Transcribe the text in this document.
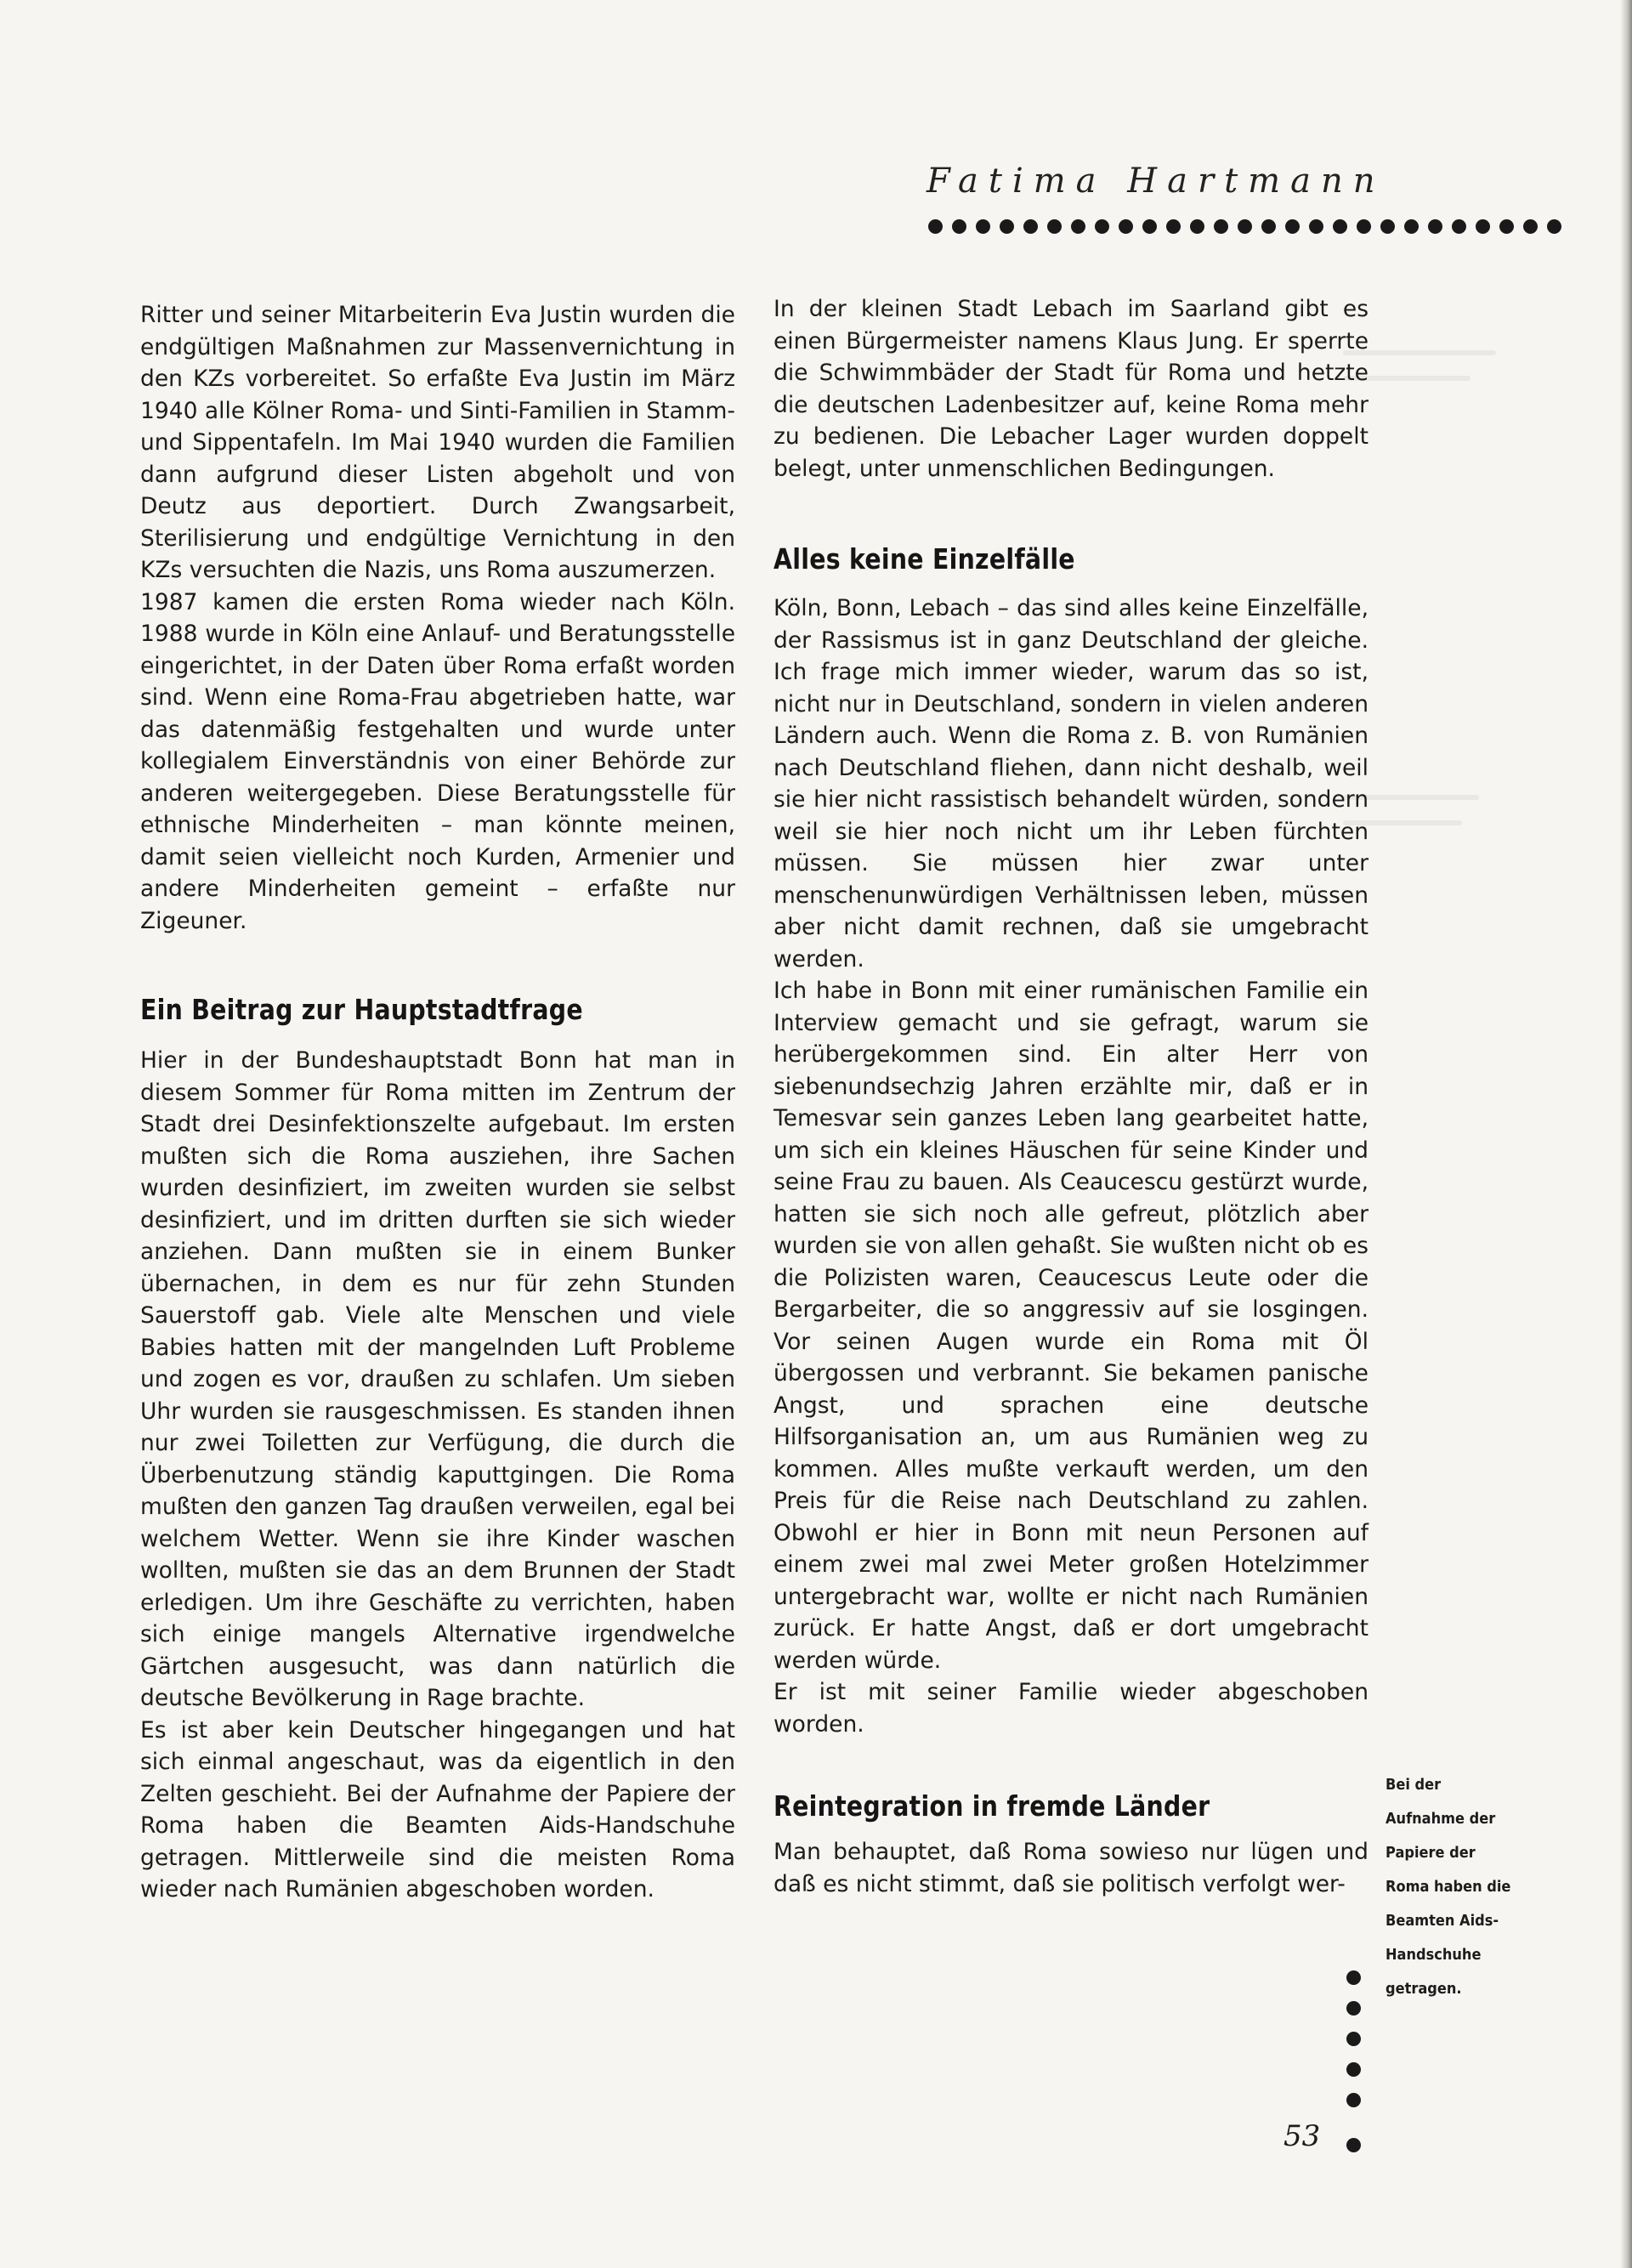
Fatima Hartmann

Ritter und seiner Mitarbeiterin Eva Justin wurden die endgültigen Maßnahmen zur Massenvernichtung in den KZs vorbereitet. So erfaßte Eva Justin im März 1940 alle Kölner Roma- und Sinti-Familien in Stamm- und Sippentafeln. Im Mai 1940 wurden die Familien dann aufgrund dieser Listen abgeholt und von Deutz aus deportiert. Durch Zwangsarbeit, Sterilisierung und endgültige Vernichtung in den KZs versuchten die Nazis, uns Roma auszumerzen.

1987 kamen die ersten Roma wieder nach Köln. 1988 wurde in Köln eine Anlauf- und Beratungsstelle eingerichtet, in der Daten über Roma erfaßt worden sind. Wenn eine Roma-Frau abgetrieben hatte, war das datenmäßig festgehalten und wurde unter kollegialem Einverständnis von einer Behörde zur anderen weitergegeben. Diese Beratungsstelle für ethnische Minderheiten – man könnte meinen, damit seien vielleicht noch Kurden, Armenier und andere Minderheiten gemeint – erfaßte nur Zigeuner.

Ein Beitrag zur Hauptstadtfrage

Hier in der Bundeshauptstadt Bonn hat man in diesem Sommer für Roma mitten im Zentrum der Stadt drei Desinfektionszelte aufgebaut. Im ersten mußten sich die Roma ausziehen, ihre Sachen wurden desinfiziert, im zweiten wurden sie selbst desinfiziert, und im dritten durften sie sich wieder anziehen. Dann mußten sie in einem Bunker übernachen, in dem es nur für zehn Stunden Sauerstoff gab. Viele alte Menschen und viele Babies hatten mit der mangelnden Luft Probleme und zogen es vor, draußen zu schlafen. Um sieben Uhr wurden sie rausgeschmissen. Es standen ihnen nur zwei Toiletten zur Verfügung, die durch die Überbenutzung ständig kaputtgingen. Die Roma mußten den ganzen Tag draußen verweilen, egal bei welchem Wetter. Wenn sie ihre Kinder waschen wollten, mußten sie das an dem Brunnen der Stadt erledigen. Um ihre Geschäfte zu verrichten, haben sich einige mangels Alternative irgendwelche Gärtchen ausgesucht, was dann natürlich die deutsche Bevölkerung in Rage brachte.

Es ist aber kein Deutscher hingegangen und hat sich einmal angeschaut, was da eigentlich in den Zelten geschieht. Bei der Aufnahme der Papiere der Roma haben die Beamten Aids-Handschuhe getragen. Mittlerweile sind die meisten Roma wieder nach Rumänien abgeschoben worden.

In der kleinen Stadt Lebach im Saarland gibt es einen Bürgermeister namens Klaus Jung. Er sperrte die Schwimmbäder der Stadt für Roma und hetzte die deutschen Ladenbesitzer auf, keine Roma mehr zu bedienen. Die Lebacher Lager wurden doppelt belegt, unter unmenschlichen Bedingungen.

Alles keine Einzelfälle

Köln, Bonn, Lebach – das sind alles keine Einzelfälle, der Rassismus ist in ganz Deutschland der gleiche. Ich frage mich immer wieder, warum das so ist, nicht nur in Deutschland, sondern in vielen anderen Ländern auch. Wenn die Roma z. B. von Rumänien nach Deutschland fliehen, dann nicht deshalb, weil sie hier nicht rassistisch behandelt würden, sondern weil sie hier noch nicht um ihr Leben fürchten müssen. Sie müssen hier zwar unter menschenunwürdigen Verhältnissen leben, müssen aber nicht damit rechnen, daß sie umgebracht werden.

Ich habe in Bonn mit einer rumänischen Familie ein Interview gemacht und sie gefragt, warum sie herübergekommen sind. Ein alter Herr von siebenundsechzig Jahren erzählte mir, daß er in Temesvar sein ganzes Leben lang gearbeitet hatte, um sich ein kleines Häuschen für seine Kinder und seine Frau zu bauen. Als Ceaucescu gestürzt wurde, hatten sie sich noch alle gefreut, plötzlich aber wurden sie von allen gehaßt. Sie wußten nicht ob es die Polizisten waren, Ceaucescus Leute oder die Bergarbeiter, die so anggressiv auf sie losgingen. Vor seinen Augen wurde ein Roma mit Öl übergossen und verbrannt. Sie bekamen panische Angst, und sprachen eine deutsche Hilfsorganisation an, um aus Rumänien weg zu kommen. Alles mußte verkauft werden, um den Preis für die Reise nach Deutschland zu zahlen. Obwohl er hier in Bonn mit neun Personen auf einem zwei mal zwei Meter großen Hotelzimmer untergebracht war, wollte er nicht nach Rumänien zurück. Er hatte Angst, daß er dort umgebracht werden würde.

Er ist mit seiner Familie wieder abgeschoben worden.

Reintegration in fremde Länder

Man behauptet, daß Roma sowieso nur lügen und daß es nicht stimmt, daß sie politisch verfolgt wer-

Bei der Aufnahme der Papiere der Roma haben die Beamten Aids-Handschuhe getragen.
53
